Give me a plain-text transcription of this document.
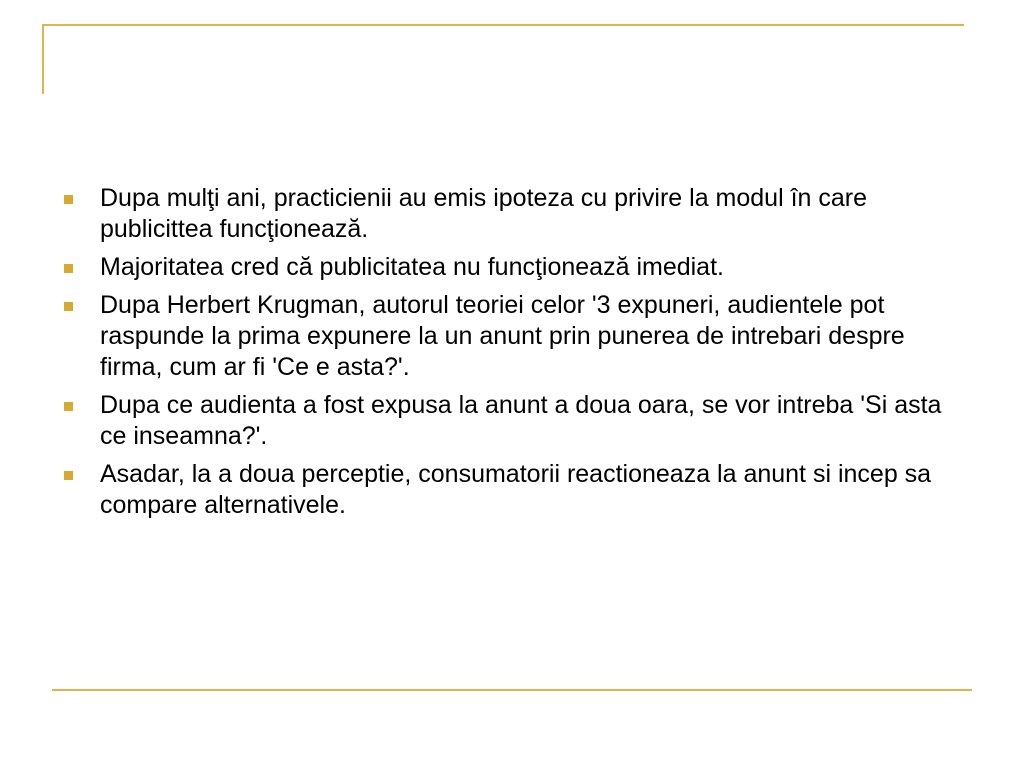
Dupa mulţi ani, practicienii au emis ipoteza cu privire la modul în care publicittea funcţionează.
Majoritatea cred că publicitatea nu funcţionează imediat.
Dupa Herbert Krugman, autorul teoriei celor '3 expuneri, audientele pot raspunde la prima expunere la un anunt prin punerea de intrebari despre firma, cum ar fi 'Ce e asta?'.
Dupa ce audienta a fost expusa la anunt a doua oara, se vor intreba 'Si asta ce inseamna?'.
Asadar, la a doua perceptie, consumatorii reactioneaza la anunt si incep sa compare alternativele.
